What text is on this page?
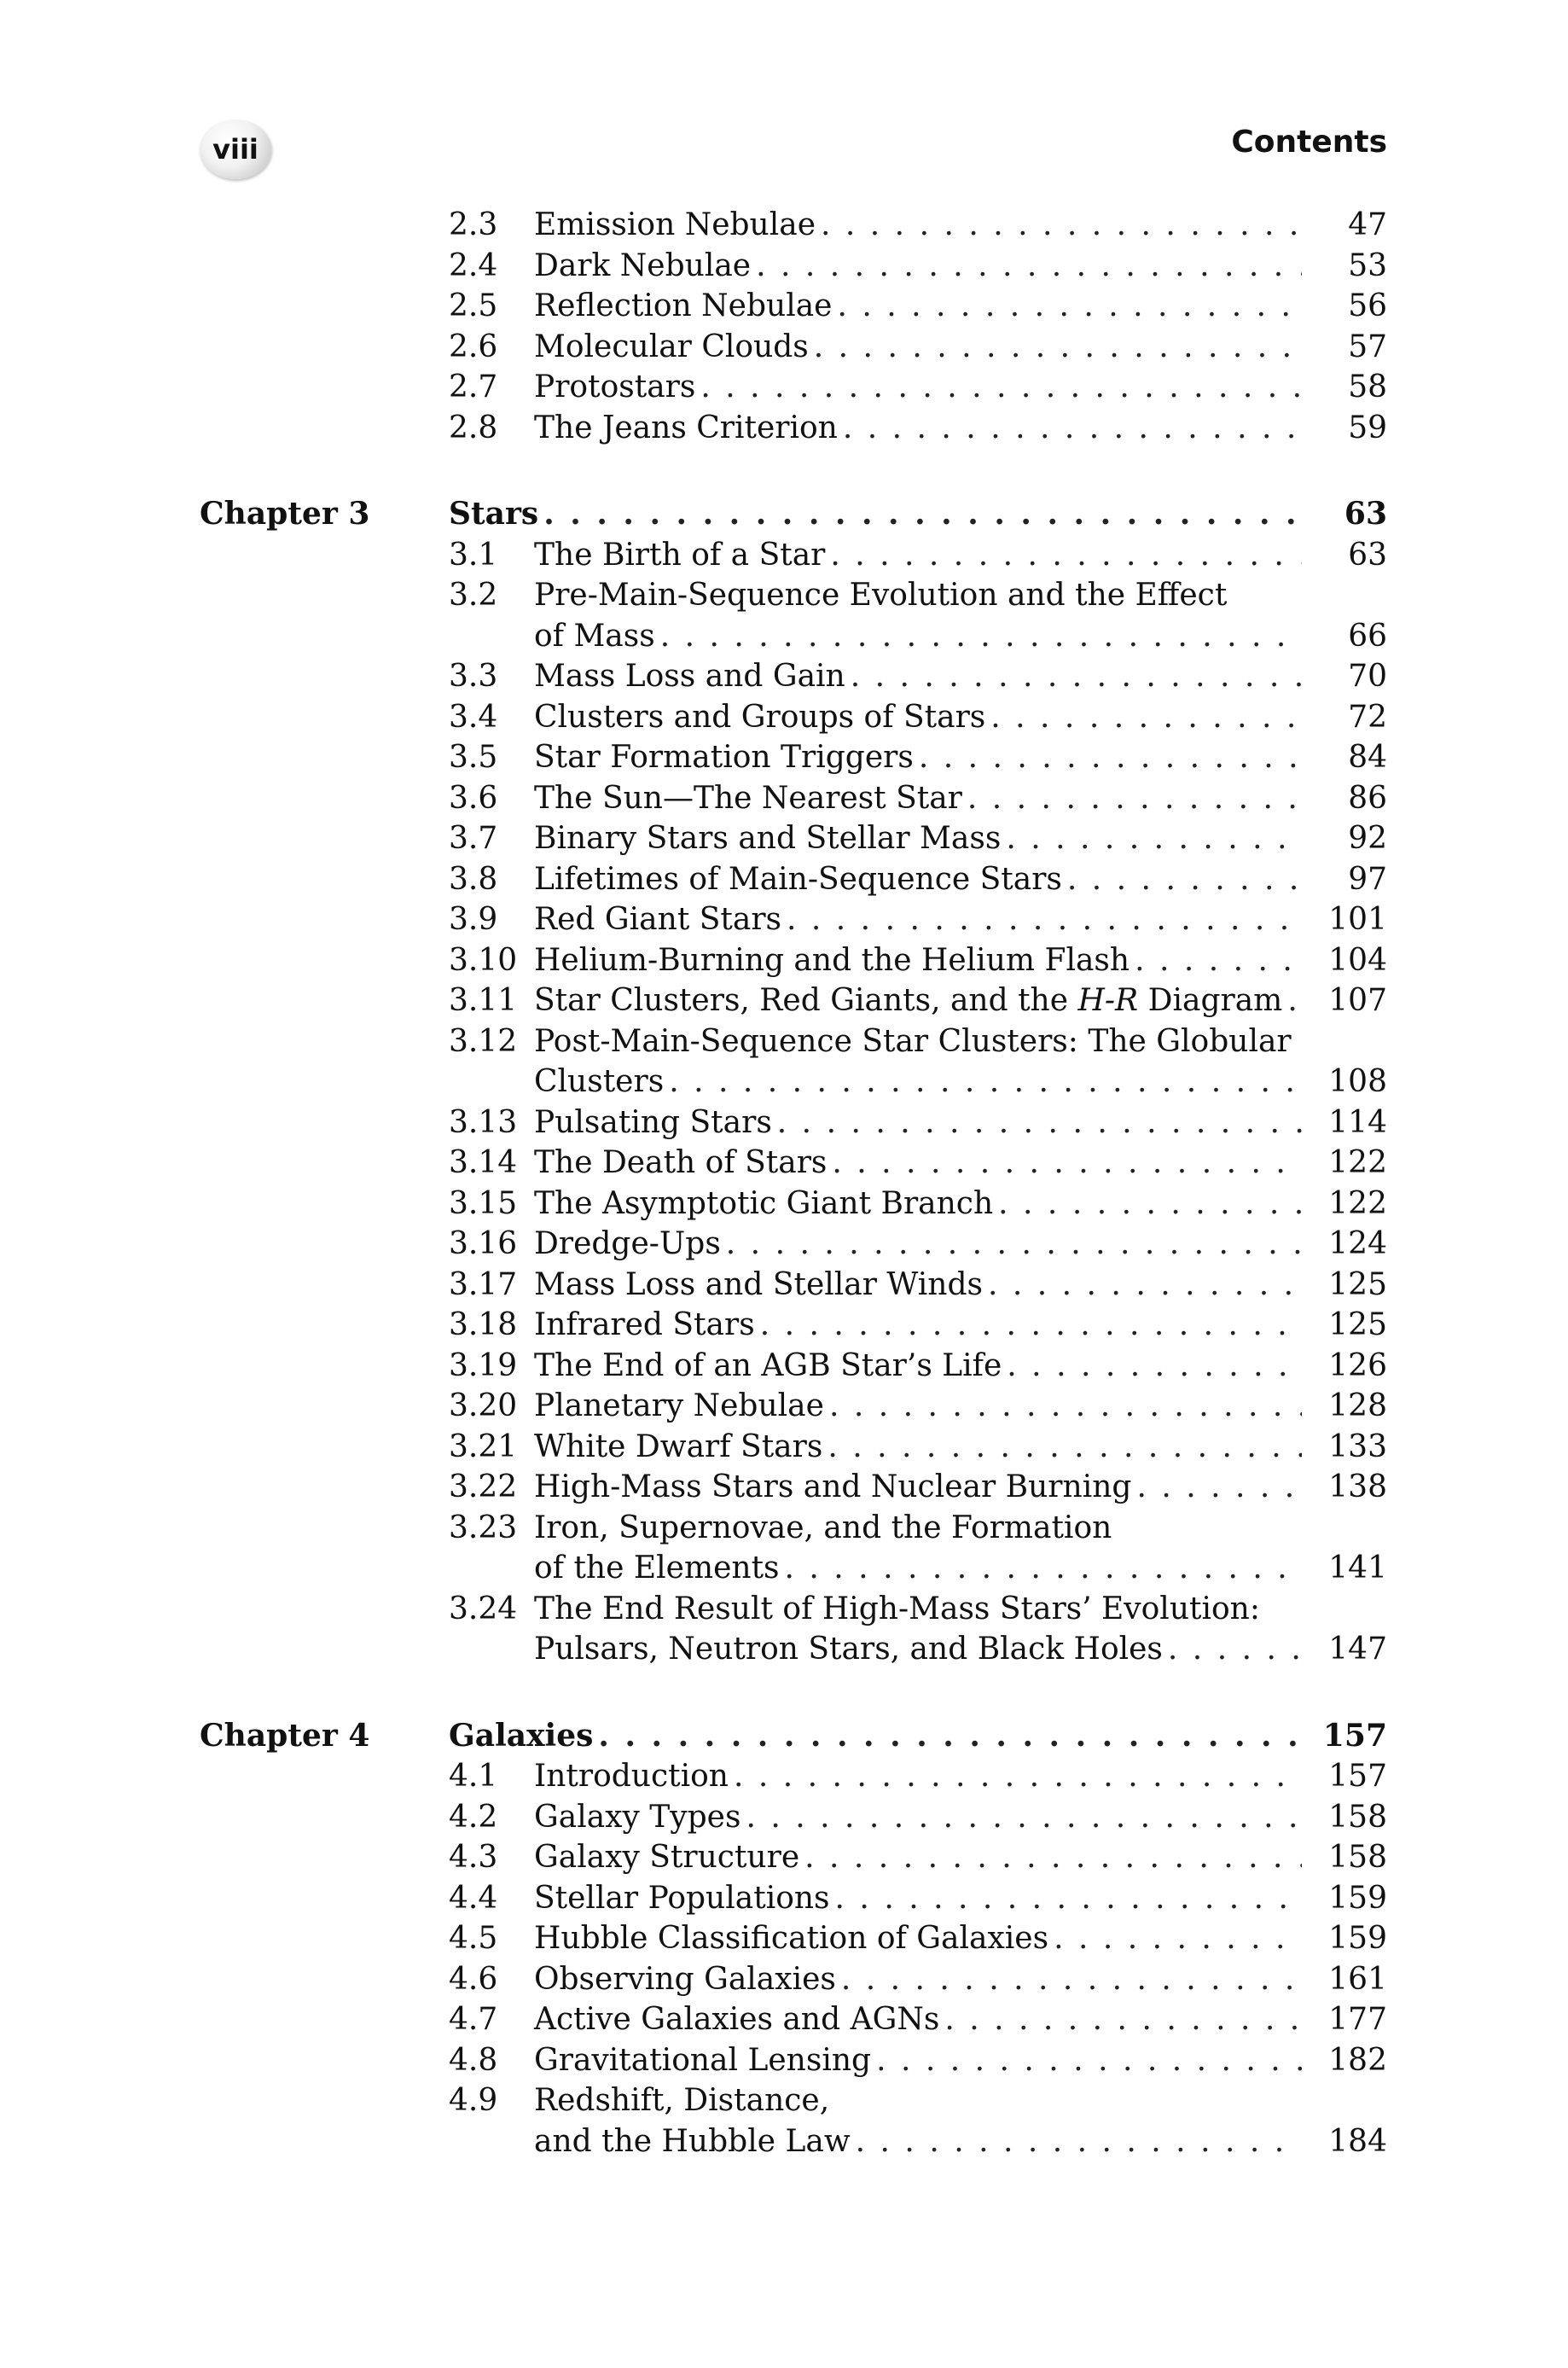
viii	Contents
2.3 Emission Nebulae . . .	47
2.4 Dark Nebulae . . .	53
2.5 Reflection Nebulae . . .	56
2.6 Molecular Clouds . . .	57
2.7 Protostars . . .	58
2.8 The Jeans Criterion . . .	59
Chapter 3	Stars . . .	63
3.1 The Birth of a Star . . .	63
3.2 Pre-Main-Sequence Evolution and the Effect
of Mass . . .	66
3.3 Mass Loss and Gain . . .	70
3.4 Clusters and Groups of Stars . . .	72
3.5 Star Formation Triggers . . .	84
3.6 The Sun—The Nearest Star . . .	86
3.7 Binary Stars and Stellar Mass . . .	92
3.8 Lifetimes of Main-Sequence Stars . . .	97
3.9 Red Giant Stars . . .	101
3.10 Helium-Burning and the Helium Flash . . .	104
3.11 Star Clusters, Red Giants, and the H-R Diagram . . .	107
3.12 Post-Main-Sequence Star Clusters: The Globular
Clusters . . .	108
3.13 Pulsating Stars . . .	114
3.14 The Death of Stars . . .	122
3.15 The Asymptotic Giant Branch . . .	122
3.16 Dredge-Ups . . .	124
3.17 Mass Loss and Stellar Winds . . .	125
3.18 Infrared Stars . . .	125
3.19 The End of an AGB Star’s Life . . .	126
3.20 Planetary Nebulae . . .	128
3.21 White Dwarf Stars . . .	133
3.22 High-Mass Stars and Nuclear Burning . . .	138
3.23 Iron, Supernovae, and the Formation
of the Elements . . .	141
3.24 The End Result of High-Mass Stars’ Evolution:
Pulsars, Neutron Stars, and Black Holes . . .	147
Chapter 4	Galaxies . . .	157
4.1 Introduction . . .	157
4.2 Galaxy Types . . .	158
4.3 Galaxy Structure . . .	158
4.4 Stellar Populations . . .	159
4.5 Hubble Classification of Galaxies . . .	159
4.6 Observing Galaxies . . .	161
4.7 Active Galaxies and AGNs . . .	177
4.8 Gravitational Lensing . . .	182
4.9 Redshift, Distance,
and the Hubble Law . . .	184
